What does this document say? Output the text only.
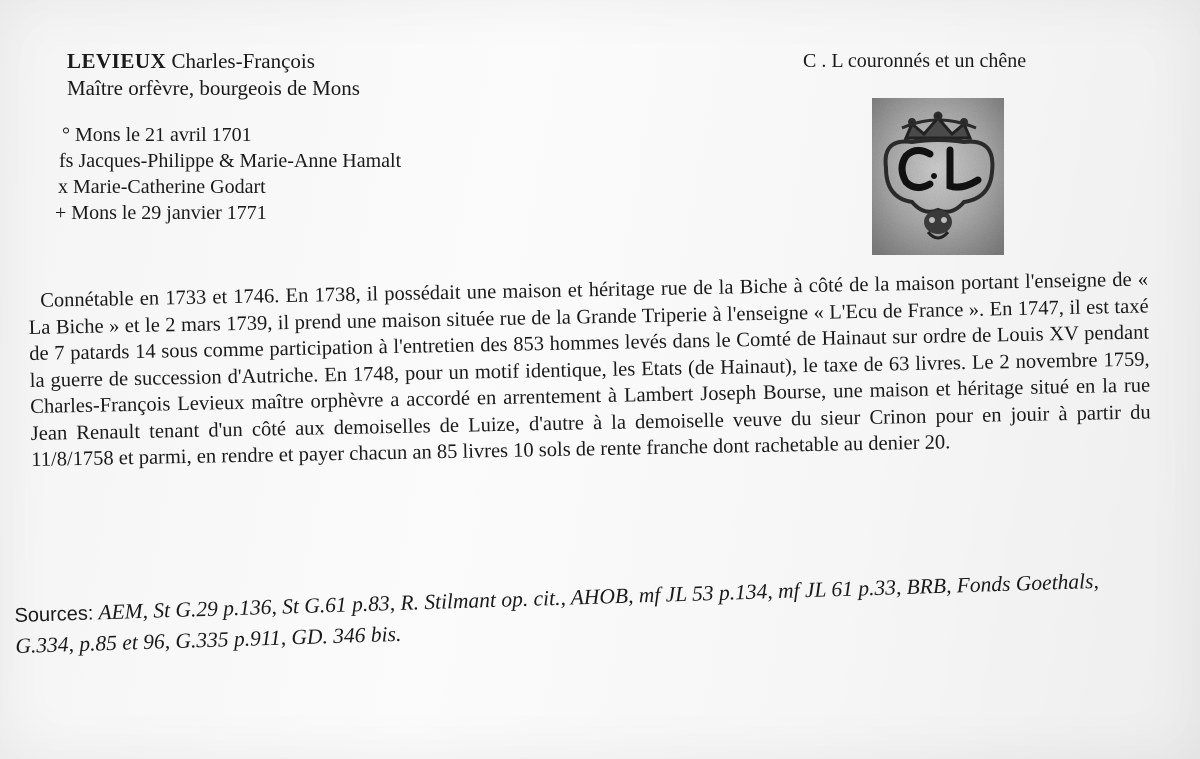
LEVIEUX Charles-François
Maître orfèvre, bourgeois de Mons
° Mons le 21 avril 1701
fs Jacques-Philippe & Marie-Anne Hamalt
x Marie-Catherine Godart
+ Mons le 29 janvier 1771
C . L couronnés et un chêne

Connétable en 1733 et 1746. En 1738, il possédait une maison et héritage rue de la Biche à côté de la maison portant l'enseigne de « La Biche » et le 2 mars 1739, il prend une maison située rue de la Grande Triperie à l'enseigne « L'Ecu de France ». En 1747, il est taxé de 7 patards 14 sous comme participation à l'entretien des 853 hommes levés dans le Comté de Hainaut sur ordre de Louis XV pendant la guerre de succession d'Autriche. En 1748, pour un motif identique, les Etats (de Hainaut), le taxe de 63 livres. Le 2 novembre 1759, Charles-François Levieux maître orphèvre a accordé en arrentement à Lambert Joseph Bourse, une maison et héritage situé en la rue Jean Renault tenant d'un côté aux demoiselles de Luize, d'autre à la demoiselle veuve du sieur Crinon pour en jouir à partir du 11/8/1758 et parmi, en rendre et payer chacun an 85 livres 10 sols de rente franche dont rachetable au denier 20.

Sources: AEM, St G.29 p.136, St G.61 p.83, R. Stilmant op. cit., AHOB, mf JL 53 p.134, mf JL 61 p.33, BRB, Fonds Goethals, G.334, p.85 et 96, G.335 p.911, GD. 346 bis.
